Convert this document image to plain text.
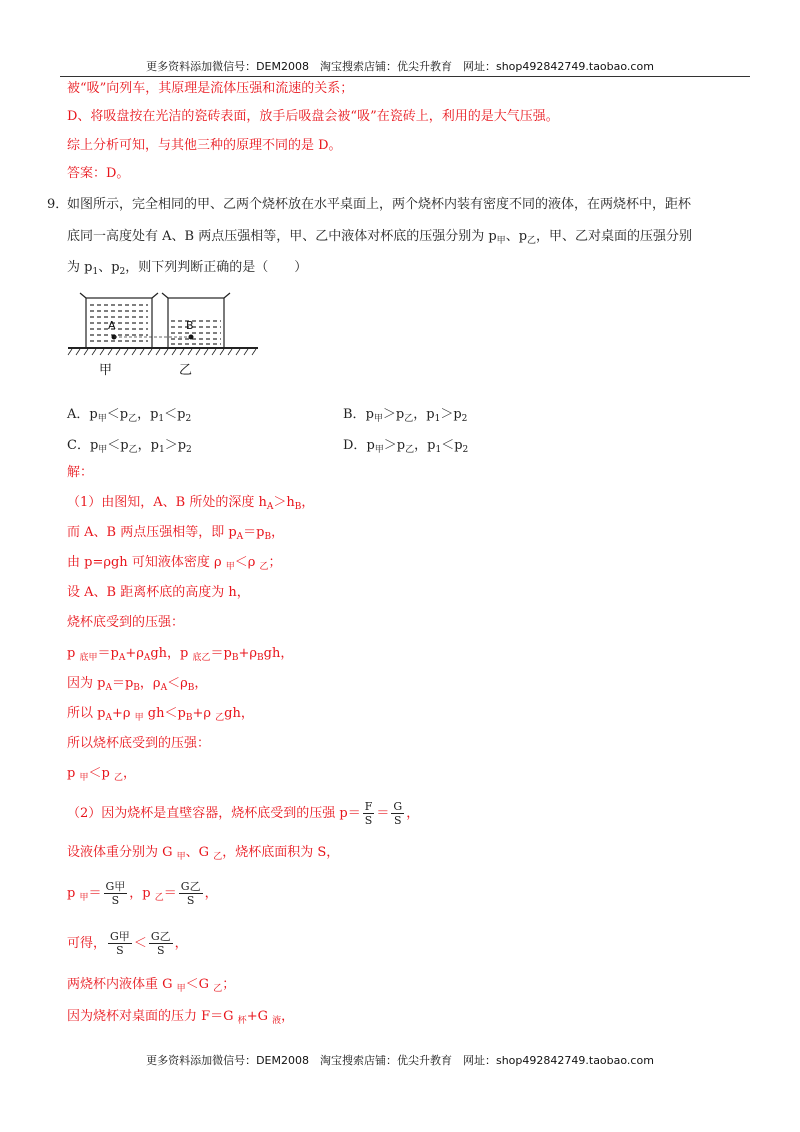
更多资料添加微信号：DEM2008　淘宝搜索店铺：优尖升教育　网址：shop492842749.taobao.com
被“吸”向列车，其原理是流体压强和流速的关系；
D、将吸盘按在光洁的瓷砖表面，放手后吸盘会被“吸”在瓷砖上，利用的是大气压强。
综上分析可知，与其他三种的原理不同的是 D。
答案：D。
9．
如图所示，完全相同的甲、乙两个烧杯放在水平桌面上，两个烧杯内装有密度不同的液体，在两烧杯中，距杯
底同一高度处有 A、B 两点压强相等，甲、乙中液体对杯底的压强分别为 $p_甲$、$p_乙$，甲、乙对桌面的压强分别
为 $p_1$、$p_2$，则下列判断正确的是（　　）
A	B
甲	乙
A．$p_甲<p_乙$，$p_1<p_2$	B．$p_甲>p_乙$，$p_1>p_2$
C．$p_甲<p_乙$，$p_1>p_2$	D．$p_甲>p_乙$，$p_1<p_2$
解：
（1）由图知，A、B 所处的深度 $h_A>h_B$，
而 A、B 两点压强相等，即 $p_A=p_B$，
由 p=ρgh 可知液体密度 ρ $_甲$＜ρ $_乙$；
设 A、B 距离杯底的高度为 h，
烧杯底受到的压强：
p $_{底甲}=p_A+\rho_Agh$，p $_{底乙}=p_B+\rho_Bgh$，
因为 $p_A=p_B$，$\rho_A<\rho_B$，
所以 $p_A+\rho$ $_甲$ $gh<p_B+\rho$ $_乙$gh，
所以烧杯底受到的压强：
p $_甲$＜p $_乙$，
（2）因为烧杯是直壁容器，烧杯底受到的压强 $p= \frac{F}{S} = \frac{G}{S}$ ，
设液体重分别为 G $_甲$、G $_乙$，烧杯底面积为 S，
p $_甲= \frac{\text{G甲}}{S}$ ，p $_乙= \frac{\text{G乙}}{S}$ ，
可得， $\frac{\text{G甲}}{S} < \frac{\text{G乙}}{S}$ ，
两烧杯内液体重 G $_甲$＜G $_乙$；
因为烧杯对桌面的压力 F＝G $_杯$+G $_液$，
更多资料添加微信号：DEM2008　淘宝搜索店铺：优尖升教育　网址：shop492842749.taobao.com
